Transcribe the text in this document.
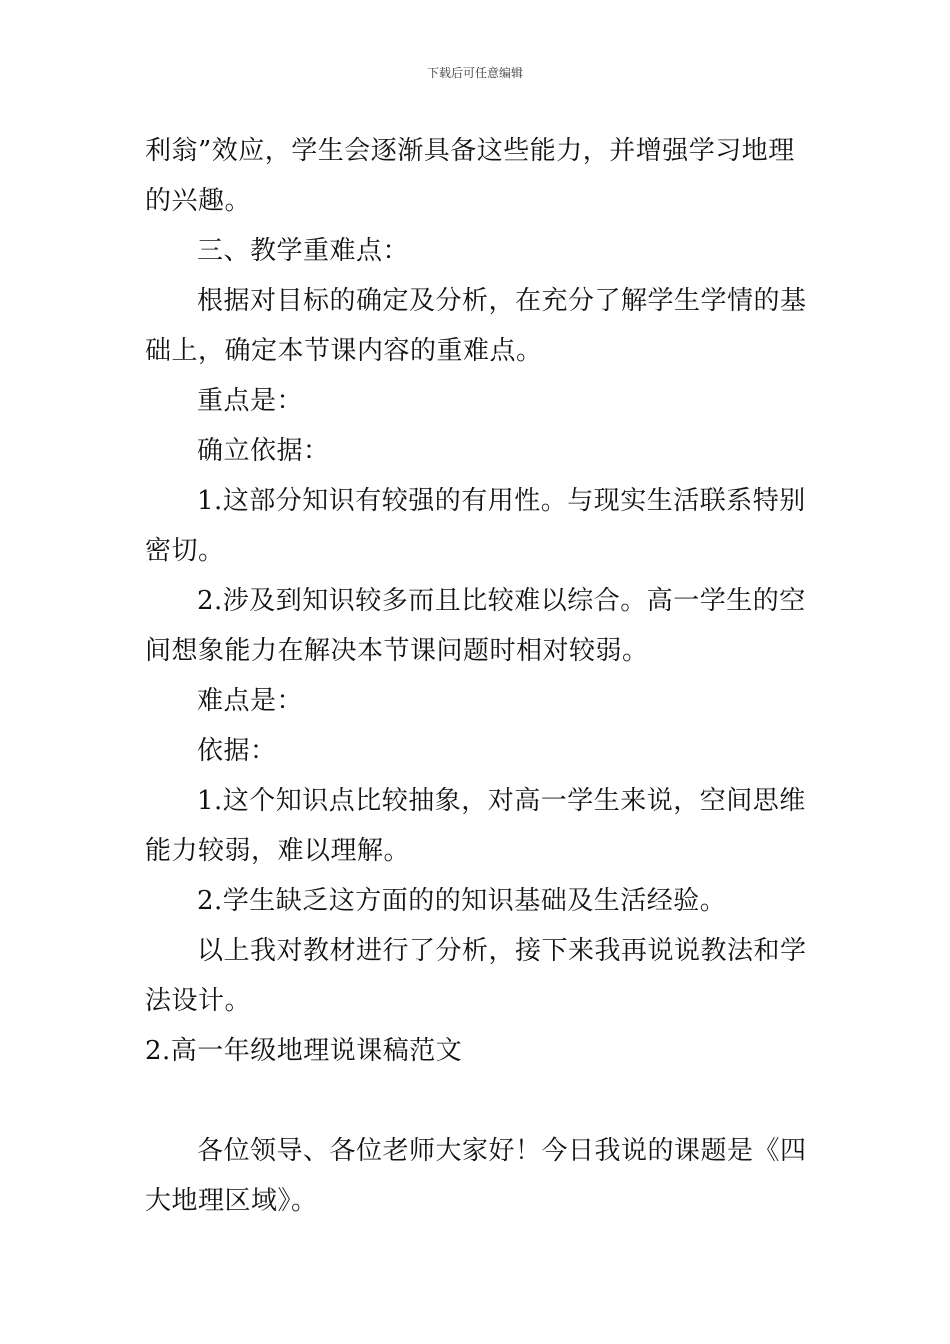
下载后可任意编辑
利翁”效应，学生会逐渐具备这些能力，并增强学习地理
的兴趣。
三、教学重难点：
根据对目标的确定及分析，在充分了解学生学情的基
础上，确定本节课内容的重难点。
重点是：
确立依据：
1.这部分知识有较强的有用性。与现实生活联系特别
密切。
2.涉及到知识较多而且比较难以综合。高一学生的空
间想象能力在解决本节课问题时相对较弱。
难点是：
依据：
1.这个知识点比较抽象，对高一学生来说，空间思维
能力较弱，难以理解。
2.学生缺乏这方面的的知识基础及生活经验。
以上我对教材进行了分析，接下来我再说说教法和学
法设计。
2.高一年级地理说课稿范文
各位领导、各位老师大家好！今日我说的课题是《四
大地理区域》。
